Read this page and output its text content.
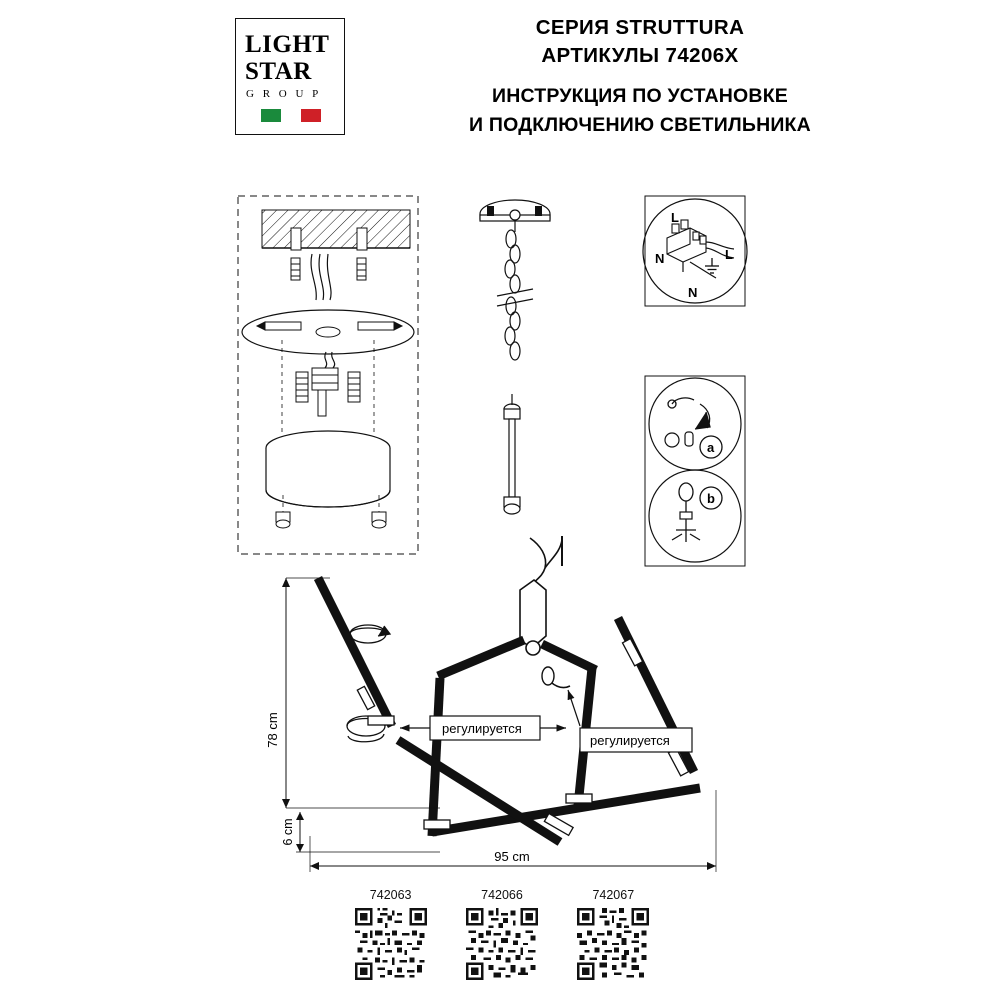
LIGHT
STAR
G R O U P
СЕРИЯ STRUTTURA
АРТИКУЛЫ 74206X
ИНСТРУКЦИЯ ПО УСТАНОВКЕ
И ПОДКЛЮЧЕНИЮ СВЕТИЛЬНИКА
L
N	L
N
a
b
регулируется
регулируется
78 cm
6 cm
95 cm
742063	742066	742067
